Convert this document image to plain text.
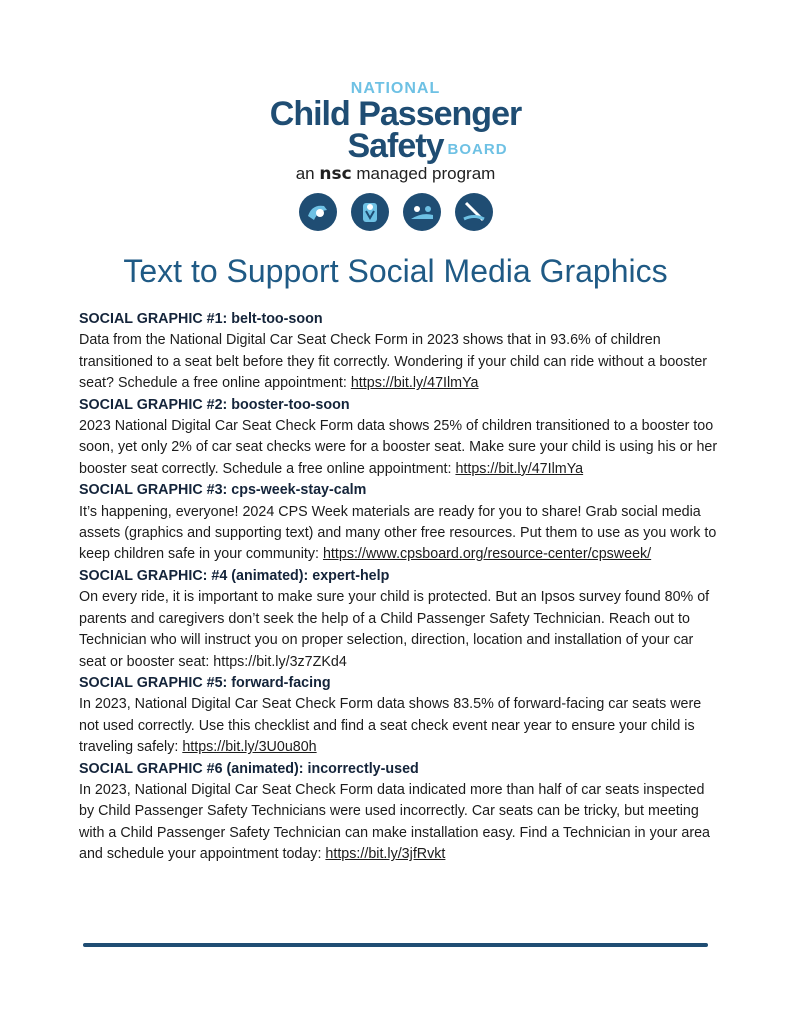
NATIONAL
Child Passenger
Safety BOARD
an nsc managed program
Text to Support Social Media Graphics
SOCIAL GRAPHIC #1: belt-too-soon
Data from the National Digital Car Seat Check Form in 2023 shows that in 93.6% of children transitioned to a seat belt before they fit correctly. Wondering if your child can ride without a booster seat? Schedule a free online appointment: https://bit.ly/47IlmYa
SOCIAL GRAPHIC #2: booster-too-soon
2023 National Digital Car Seat Check Form data shows 25% of children transitioned to a booster too soon, yet only 2% of car seat checks were for a booster seat. Make sure your child is using his or her booster seat correctly. Schedule a free online appointment: https://bit.ly/47IlmYa
SOCIAL GRAPHIC #3: cps-week-stay-calm
It’s happening, everyone! 2024 CPS Week materials are ready for you to share! Grab social media assets (graphics and supporting text) and many other free resources. Put them to use as you work to keep children safe in your community: https://www.cpsboard.org/resource-center/cpsweek/
SOCIAL GRAPHIC: #4 (animated): expert-help
On every ride, it is important to make sure your child is protected. But an Ipsos survey found 80% of parents and caregivers don’t seek the help of a Child Passenger Safety Technician. Reach out to Technician who will instruct you on proper selection, direction, location and installation of your car seat or booster seat: https://bit.ly/3z7ZKd4
SOCIAL GRAPHIC #5: forward-facing
In 2023, National Digital Car Seat Check Form data shows 83.5% of forward-facing car seats were not used correctly. Use this checklist and find a seat check event near year to ensure your child is traveling safely: https://bit.ly/3U0u80h
SOCIAL GRAPHIC #6 (animated): incorrectly-used
In 2023, National Digital Car Seat Check Form data indicated more than half of car seats inspected by Child Passenger Safety Technicians were used incorrectly. Car seats can be tricky, but meeting with a Child Passenger Safety Technician can make installation easy. Find a Technician in your area and schedule your appointment today: https://bit.ly/3jfRvkt
